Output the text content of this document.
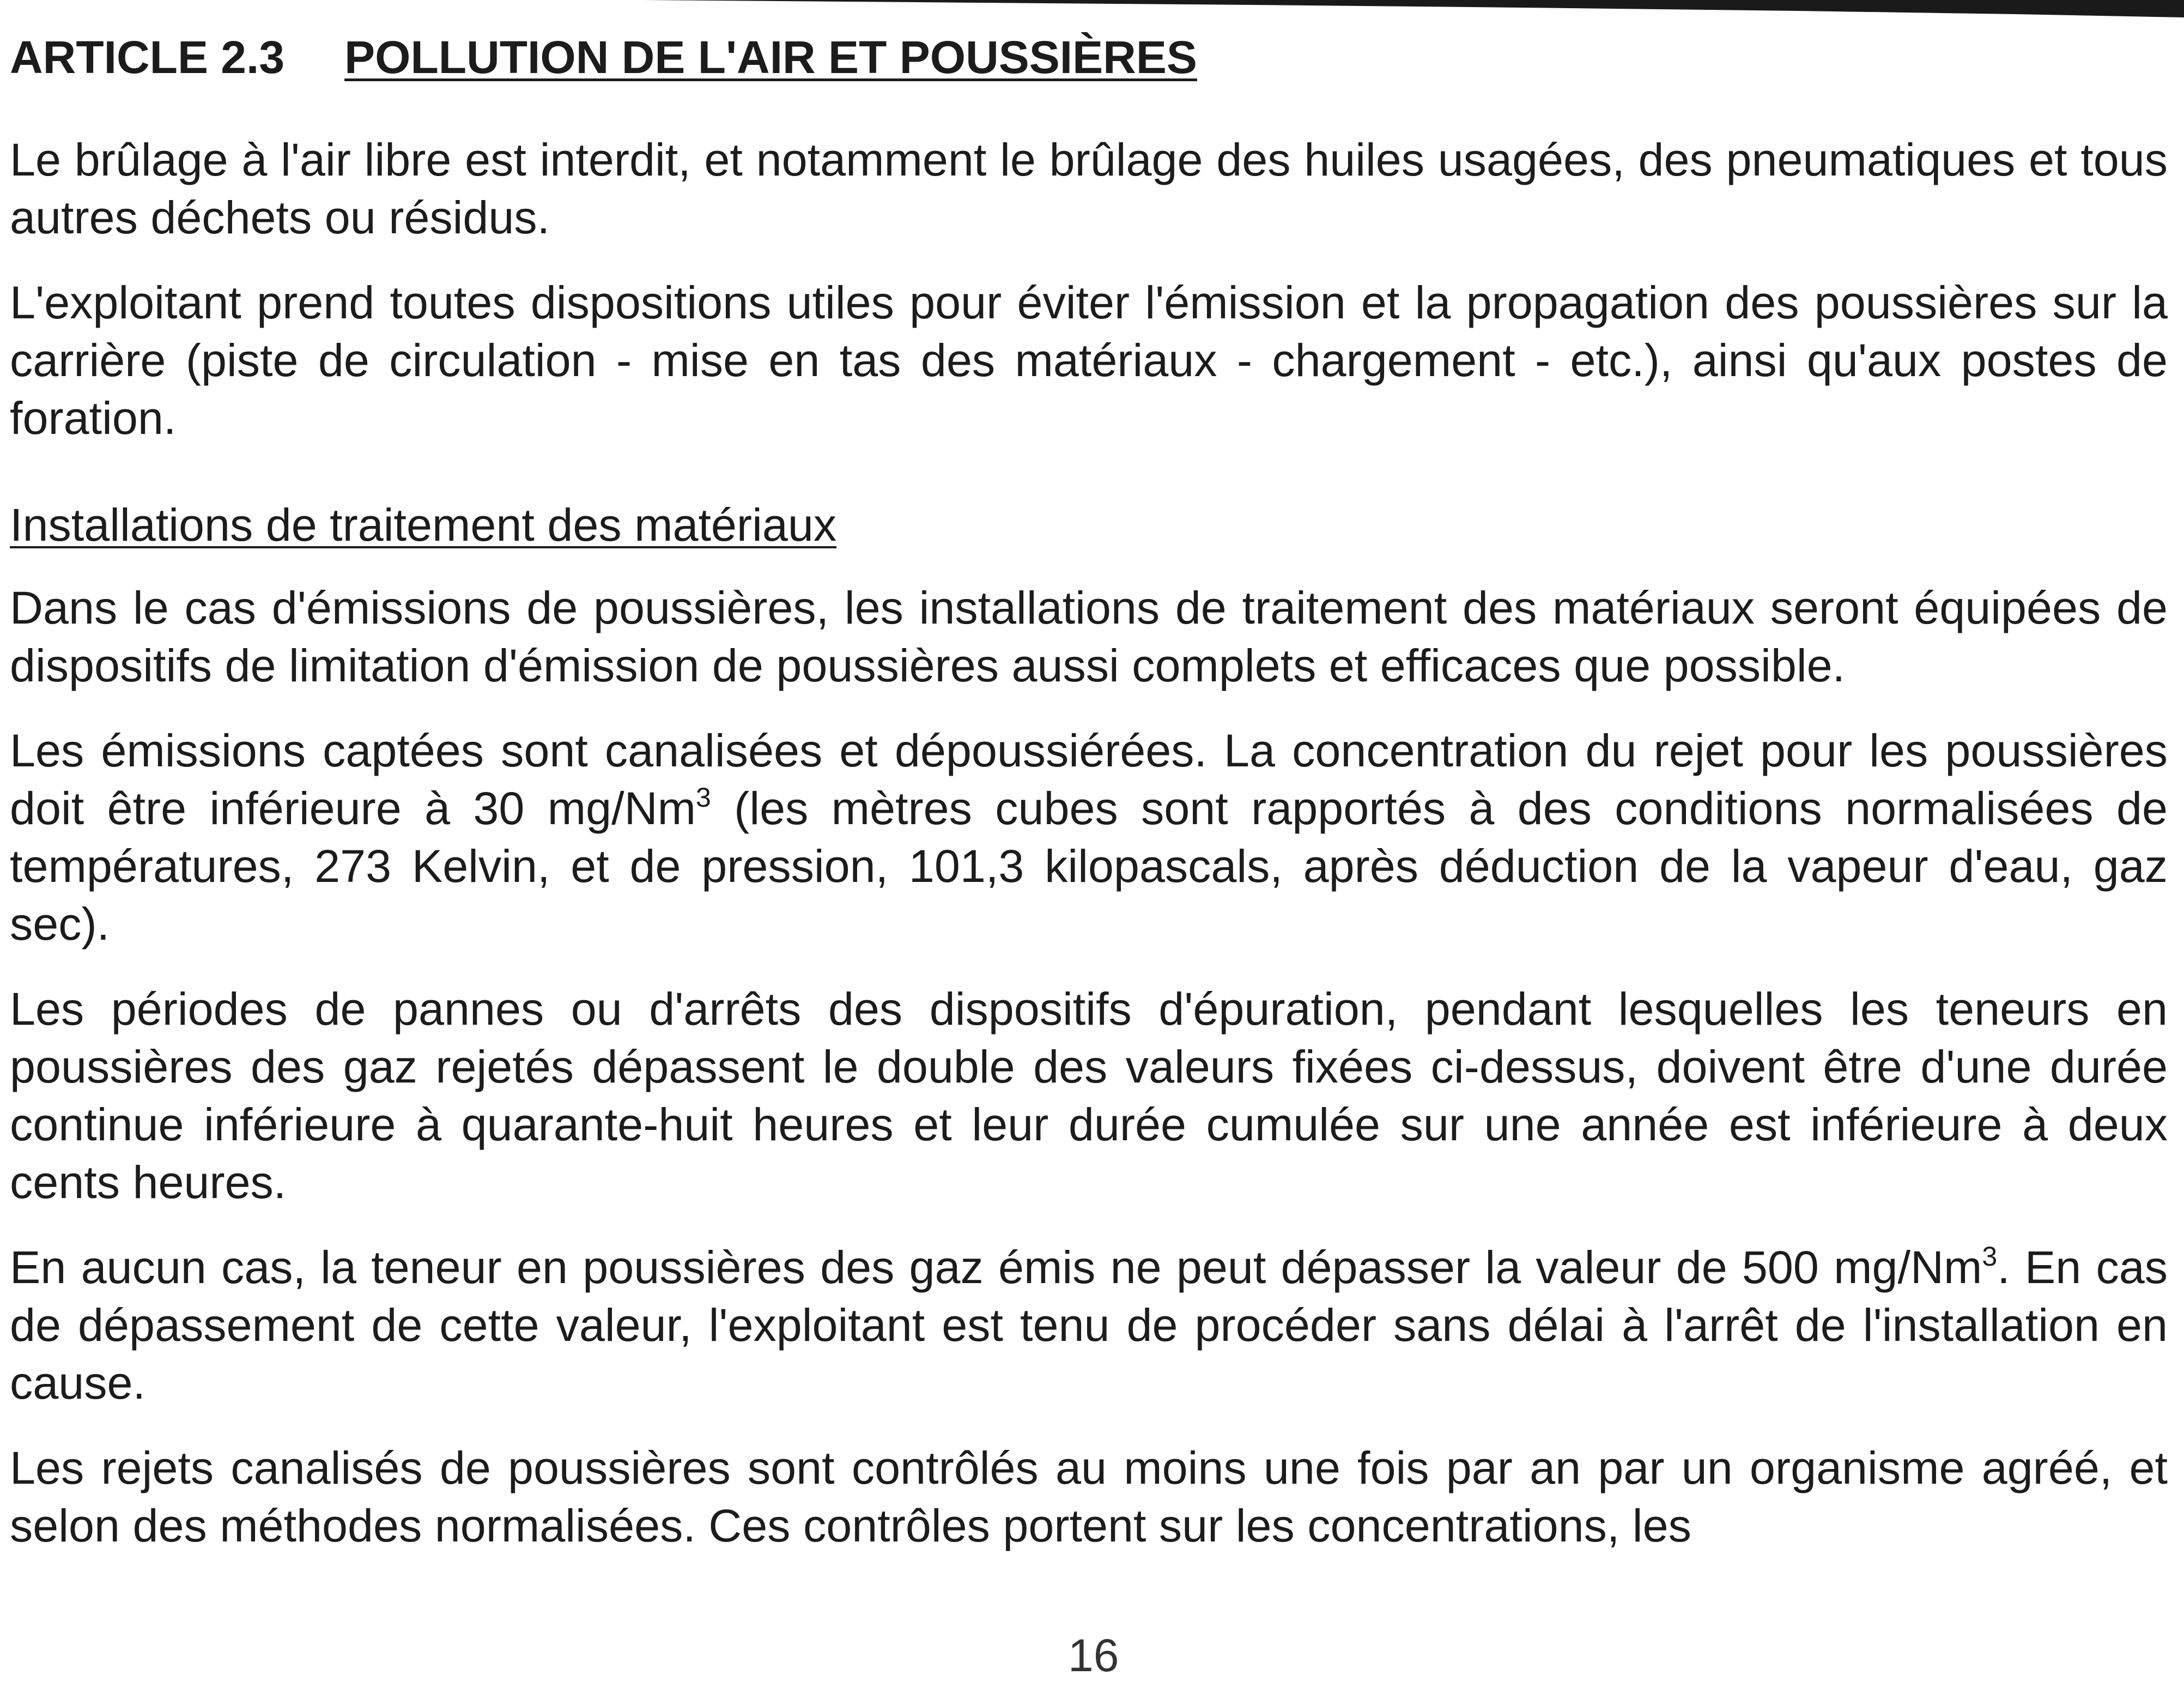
ARTICLE 2.3 POLLUTION DE L'AIR ET POUSSIÈRES

Le brûlage à l'air libre est interdit, et notamment le brûlage des huiles usagées, des pneumatiques et tous autres déchets ou résidus.

L'exploitant prend toutes dispositions utiles pour éviter l'émission et la propagation des poussières sur la carrière (piste de circulation - mise en tas des matériaux - chargement - etc.), ainsi qu'aux postes de foration.

Installations de traitement des matériaux

Dans le cas d'émissions de poussières, les installations de traitement des matériaux seront équipées de dispositifs de limitation d'émission de poussières aussi complets et efficaces que possible.

Les émissions captées sont canalisées et dépoussiérées. La concentration du rejet pour les poussières doit être inférieure à 30 mg/Nm$^3$ (les mètres cubes sont rapportés à des conditions normalisées de températures, 273 Kelvin, et de pression, 101,3 kilopascals, après déduction de la vapeur d'eau, gaz sec).

Les périodes de pannes ou d'arrêts des dispositifs d'épuration, pendant lesquelles les teneurs en poussières des gaz rejetés dépassent le double des valeurs fixées ci-dessus, doivent être d'une durée continue inférieure à quarante-huit heures et leur durée cumulée sur une année est inférieure à deux cents heures.

En aucun cas, la teneur en poussières des gaz émis ne peut dépasser la valeur de 500 mg/Nm$^3$. En cas de dépassement de cette valeur, l'exploitant est tenu de procéder sans délai à l'arrêt de l'installation en cause.

Les rejets canalisés de poussières sont contrôlés au moins une fois par an par un organisme agréé, et selon des méthodes normalisées. Ces contrôles portent sur les concentrations, les

16
